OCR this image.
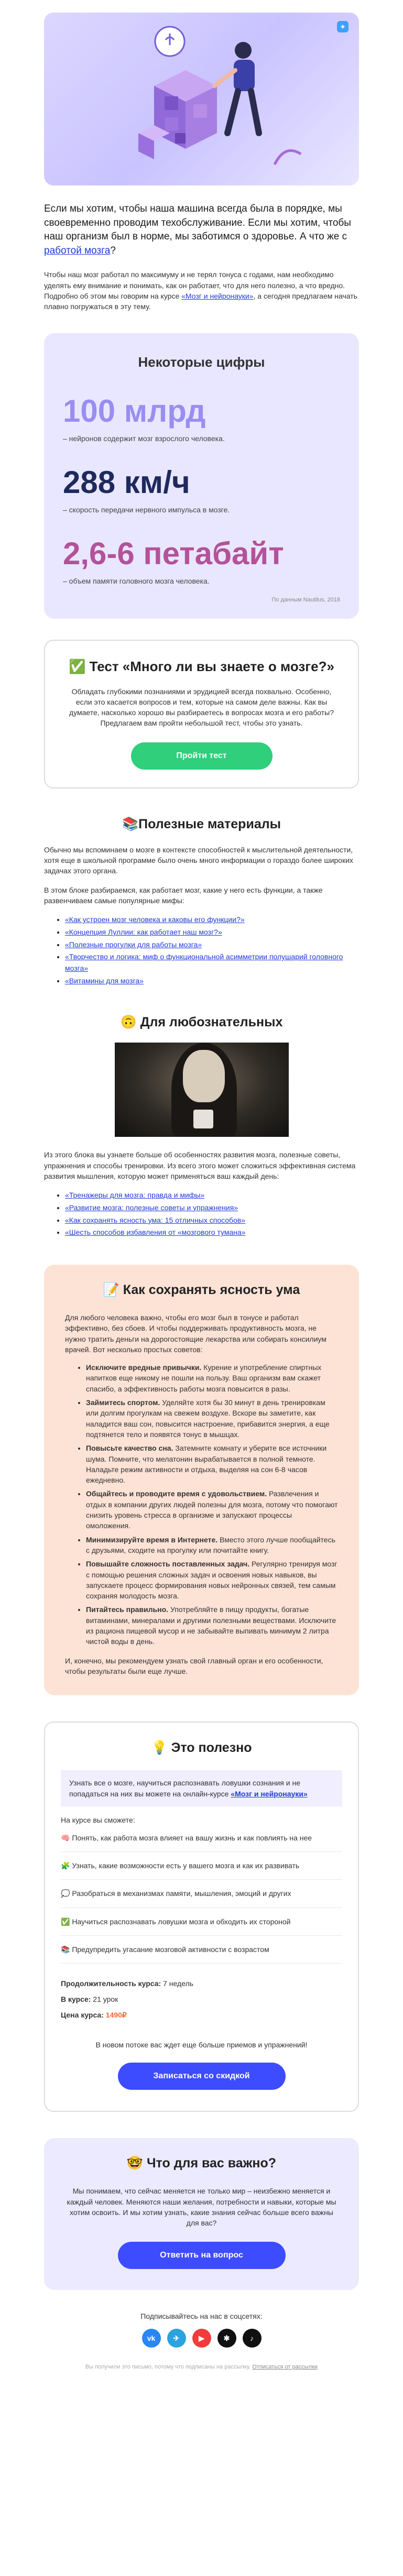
✦

Если мы хотим, чтобы наша машина всегда была в порядке, мы своевременно проводим техобслуживание. Если мы хотим, чтобы наш организм был в норме, мы заботимся о здоровье. А что же с работой мозга?

Чтобы наш мозг работал по максимуму и не терял тонуса с годами, нам необходимо уделять ему внимание и понимать, как он работает, что для него полезно, а что вредно. Подробно об этом мы говорим на курсе «Мозг и нейронауки», а сегодня предлагаем начать плавно погружаться в эту тему.

Некоторые цифры
100 млрд
– нейронов содержит мозг взрослого человека.
288 км/ч
– скорость передачи нервного импульса в мозге.
2,6-6 петабайт
– объем памяти головного мозга человека.
По данным Nautilus, 2018
✅ Тест «Много ли вы знаете о мозге?»

Обладать глубокими познаниями и эрудицией всегда похвально. Особенно, если это касается вопросов и тем, которые на самом деле важны. Как вы думаете, насколько хорошо вы разбираетесь в вопросах мозга и его работы? Предлагаем вам пройти небольшой тест, чтобы это узнать.

Пройти тест
📚Полезные материалы

Обычно мы вспоминаем о мозге в контексте способностей к мыслительной деятельности, хотя еще в школьной программе было очень много информации о гораздо более широких задачах этого органа.

В этом блоке разбираемся, как работает мозг, какие у него есть функции, а также развенчиваем самые популярные мифы:

• «Как устроен мозг человека и каковы его функции?»
• «Концепция Луллии: как работает наш мозг?»
• «Полезные прогулки для работы мозга»
• «Творчество и логика: миф о функциональной асимметрии полушарий головного мозга»
• «Витамины для мозга»
🙃 Для любознательных

Из этого блока вы узнаете больше об особенностях развития мозга, полезные советы, упражнения и способы тренировки. Из всего этого может сложиться эффективная система развития мышления, которую может применяться ваш каждый день:

• «Тренажеры для мозга: правда и мифы»
• «Развитие мозга: полезные советы и упражнения»
• «Как сохранять ясность ума: 15 отличных способов»
• «Шесть способов избавления от «мозгового тумана»
📝 Как сохранять ясность ума

Для любого человека важно, чтобы его мозг был в тонусе и работал эффективно, без сбоев. И чтобы поддерживать продуктивность мозга, не нужно тратить деньги на дорогостоящие лекарства или собирать консилиум врачей. Вот несколько простых советов:

• Исключите вредные привычки. Курение и употребление спиртных напитков еще никому не пошли на пользу. Ваш организм вам скажет спасибо, а эффективность работы мозга повысится в разы.
• Займитесь спортом. Уделяйте хотя бы 30 минут в день тренировкам или долгим прогулкам на свежем воздухе. Вскоре вы заметите, как наладится ваш сон, повысится настроение, прибавится энергия, а еще подтянется тело и появятся тонус в мышцах.
• Повысьте качество сна. Затемните комнату и уберите все источники шума. Помните, что мелатонин вырабатывается в полной темноте. Наладьте режим активности и отдыха, выделяя на сон 6-8 часов ежедневно.
• Общайтесь и проводите время с удовольствием. Развлечения и отдых в компании других людей полезны для мозга, потому что помогают снизить уровень стресса в организме и запускают процессы омоложения.
• Минимизируйте время в Интернете. Вместо этого лучше пообщайтесь с друзьями, сходите на прогулку или почитайте книгу.
• Повышайте сложность поставленных задач. Регулярно тренируя мозг с помощью решения сложных задач и освоения новых навыков, вы запускаете процесс формирования новых нейронных связей, тем самым сохраняя молодость мозга.
• Питайтесь правильно. Употребляйте в пищу продукты, богатые витаминами, минералами и другими полезными веществами. Исключите из рациона пищевой мусор и не забывайте выпивать минимум 2 литра чистой воды в день.

И, конечно, мы рекомендуем узнать свой главный орган и его особенности, чтобы результаты были еще лучше.

💡 Это полезно
Узнать все о мозге, научиться распознавать ловушки сознания и не попадаться на них вы можете на онлайн-курсе «Мозг и нейронауки»
На курсе вы сможете:
🧠 Понять, как работа мозга влияет на вашу жизнь и как повлиять на нее
🧩 Узнать, какие возможности есть у вашего мозга и как их развивать
💭 Разобраться в механизмах памяти, мышления, эмоций и других
✅ Научиться распознавать ловушки мозга и обходить их стороной
📚 Предупредить угасание мозговой активности с возрастом
Продолжительность курса: 7 недель
В курсе: 21 урок
Цена курса: 1490₽
В новом потоке вас ждет еще больше приемов и упражнений!
Записаться со скидкой
🤓 Что для вас важно?

Мы понимаем, что сейчас меняется не только мир – неизбежно меняется и каждый человек. Меняются наши желания, потребности и навыки, которые мы хотим освоить. И мы хотим узнать, какие знания сейчас больше всего важны для вас?

Ответить на вопрос
Подписывайтесь на нас в соцсетях:
vk	✈	▶	✱	♪
Вы получили это письмо, потому что подписаны на рассылку. Отписаться от рассылки
